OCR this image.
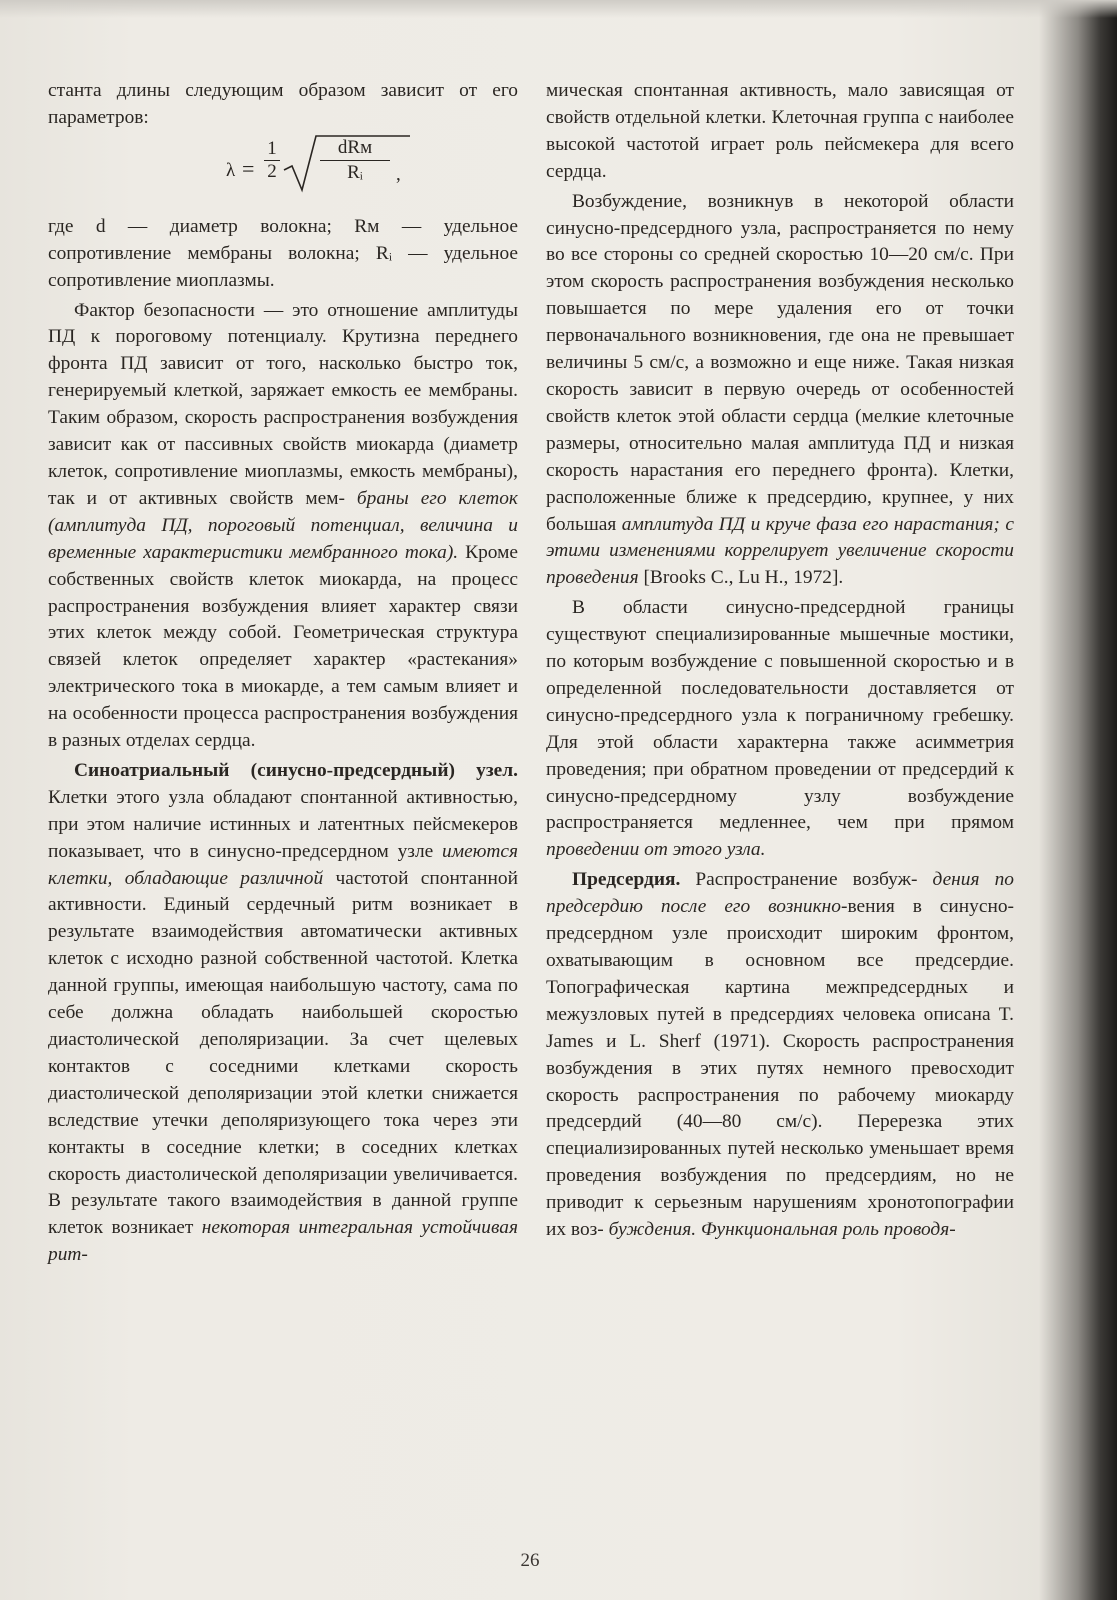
станта длины следующим образом зависит от его параметров:

λ =
1
2
dRм
Rᵢ	,

где d — диаметр волокна; Rм — удельное сопротивление мембраны волокна; Rᵢ — удельное сопротивление миоплазмы.

Фактор безопасности — это отношение амплитуды ПД к пороговому потенциалу. Крутизна переднего фронта ПД зависит от того, насколько быстро ток, генерируемый клеткой, заряжает емкость ее мембраны. Таким образом, скорость распространения возбуждения зависит как от пассивных свойств миокарда (диаметр клеток, сопротивление миоплазмы, емкость мембраны), так и от активных свойств мем- браны его клеток (амплитуда ПД, пороговый потенциал, величина и временные характеристики мембранного тока). Кроме собственных свойств клеток миокарда, на процесс распространения возбуждения влияет характер связи этих клеток между собой. Геометрическая структура связей клеток определяет характер «растекания» электрического тока в миокарде, а тем самым влияет и на особенности процесса распространения возбуждения в разных отделах сердца.

Синоатриальный (синусно-предсердный) узел. Клетки этого узла обладают спонтанной активностью, при этом наличие истинных и латентных пейсмекеров показывает, что в синусно-предсердном узле имеются клетки, обладающие различной частотой спонтанной активности. Единый сердечный ритм возникает в результате взаимодействия автоматически активных клеток с исходно разной собственной частотой. Клетка данной группы, имеющая наибольшую частоту, сама по себе должна обладать наибольшей скоростью диастолической деполяризации. За счет щелевых контактов с соседними клетками скорость диастолической деполяризации этой клетки снижается вследствие утечки деполяризующего тока через эти контакты в соседние клетки; в соседних клетках скорость диастолической деполяризации увеличивается. В результате такого взаимодействия в данной группе клеток возникает некоторая интегральная устойчивая рит-

мическая спонтанная активность, мало зависящая от свойств отдельной клетки. Клеточная группа с наиболее высокой частотой играет роль пейсмекера для всего сердца.

Возбуждение, возникнув в некоторой области синусно-предсердного узла, распространяется по нему во все стороны со средней скоростью 10—20 см/с. При этом скорость распространения возбуждения несколько повышается по мере удаления его от точки первоначального возникновения, где она не превышает величины 5 см/с, а возможно и еще ниже. Такая низкая скорость зависит в первую очередь от особенностей свойств клеток этой области сердца (мелкие клеточные размеры, относительно малая амплитуда ПД и низкая скорость нарастания его переднего фронта). Клетки, расположенные ближе к предсердию, крупнее, у них большая амплитуда ПД и круче фаза его нарастания; с этими изменениями коррелирует увеличение скорости проведения [Brooks C., Lu H., 1972].

В области синусно-предсердной границы существуют специализированные мышечные мостики, по которым возбуждение с повышенной скоростью и в определенной последовательности доставляется от синусно-предсердного узла к пограничному гребешку. Для этой области характерна также асимметрия проведения; при обратном проведении от предсердий к синусно-предсердному узлу возбуждение распространяется медленнее, чем при прямом проведении от этого узла.

Предсердия. Распространение возбуж- дения по предсердию после его возникно-вения в синусно-предсердном узле происходит широким фронтом, охватывающим в основном все предсердие. Топографическая картина межпредсердных и межузловых путей в предсердиях человека описана T. James и L. Sherf (1971). Скорость распространения возбуждения в этих путях немного превосходит скорость распространения по рабочему миокарду предсердий (40—80 см/с). Перерезка этих специализированных путей несколько уменьшает время проведения возбуждения по предсердиям, но не приводит к серьезным нарушениям хронотопографии их воз- буждения. Функциональная роль проводя-

26
